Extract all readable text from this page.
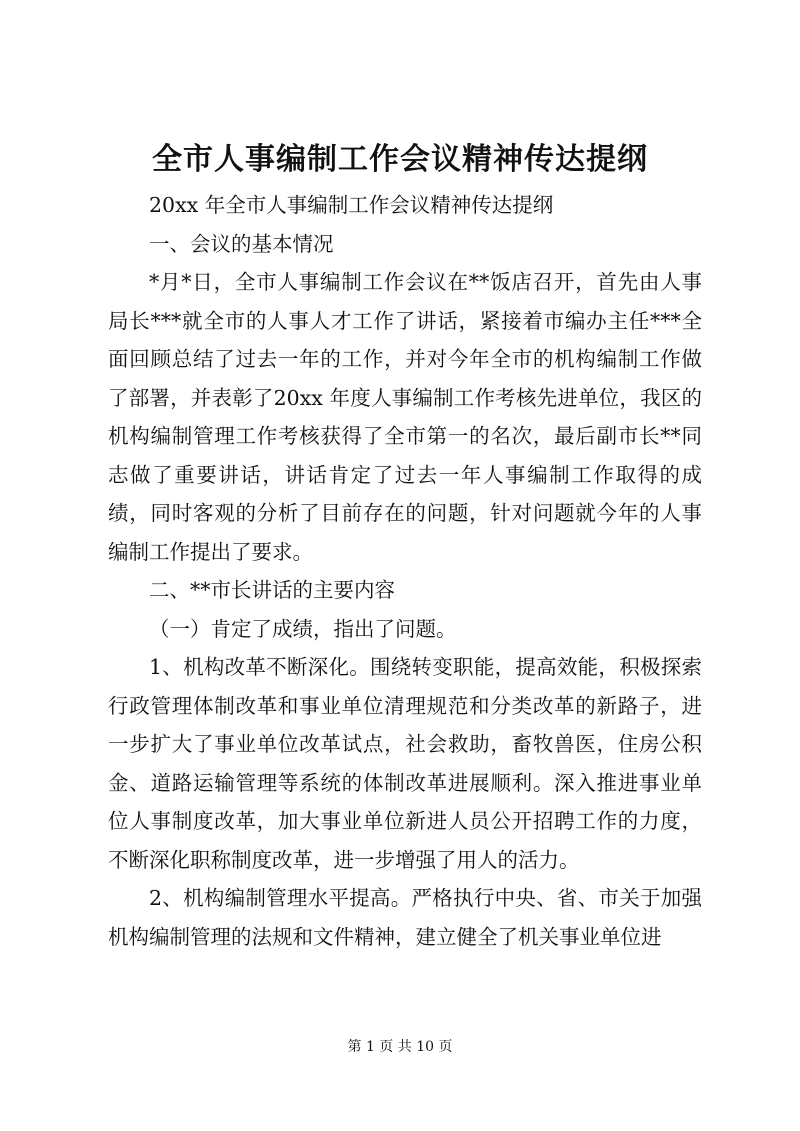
全市人事编制工作会议精神传达提纲

20xx 年全市人事编制工作会议精神传达提纲

一、会议的基本情况

*月*日，全市人事编制工作会议在**饭店召开，首先由人事局长***就全市的人事人才工作了讲话，紧接着市编办主任***全面回顾总结了过去一年的工作，并对今年全市的机构编制工作做了部署，并表彰了20xx 年度人事编制工作考核先进单位，我区的机构编制管理工作考核获得了全市第一的名次，最后副市长**同志做了重要讲话，讲话肯定了过去一年人事编制工作取得的成绩，同时客观的分析了目前存在的问题，针对问题就今年的人事编制工作提出了要求。

二、**市长讲话的主要内容

（一）肯定了成绩，指出了问题。

1、机构改革不断深化。围绕转变职能，提高效能，积极探索行政管理体制改革和事业单位清理规范和分类改革的新路子，进一步扩大了事业单位改革试点，社会救助，畜牧兽医，住房公积金、道路运输管理等系统的体制改革进展顺利。深入推进事业单位人事制度改革，加大事业单位新进人员公开招聘工作的力度，不断深化职称制度改革，进一步增强了用人的活力。

2、机构编制管理水平提高。严格执行中央、省、市关于加强机构编制管理的法规和文件精神，建立健全了机关事业单位进

第 1 页 共 10 页
